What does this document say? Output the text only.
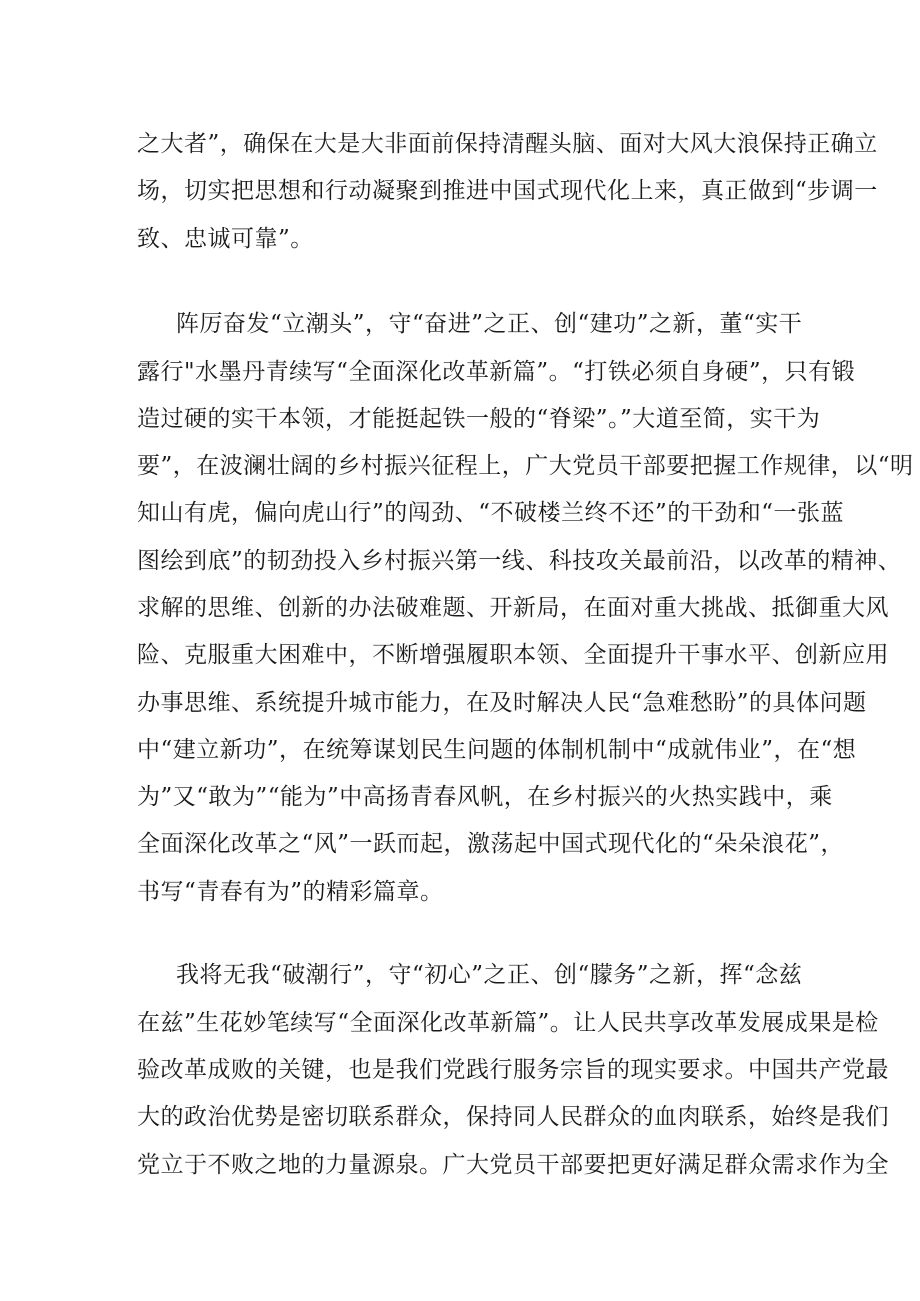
之大者”，确保在大是大非面前保持清醒头脑、面对大风大浪保持正确立
场，切实把思想和行动凝聚到推进中国式现代化上来，真正做到“步调一
致、忠诚可靠”。
阵厉奋发“立潮头”，守“奋进”之正、创“建功”之新，董“实干
露行"水墨丹青续写“全面深化改革新篇”。“打铁必须自身硬”，只有锻
造过硬的实干本领，才能挺起铁一般的“脊梁”。”大道至简，实干为
要”，在波澜壮阔的乡村振兴征程上，广大党员干部要把握工作规律，以“明
知山有虎，偏向虎山行”的闯劲、“不破楼兰终不还”的干劲和“一张蓝
图绘到底”的韧劲投入乡村振兴第一线、科技攻关最前沿，以改革的精神、
求解的思维、创新的办法破难题、开新局，在面对重大挑战、抵御重大风
险、克服重大困难中，不断增强履职本领、全面提升干事水平、创新应用
办事思维、系统提升城市能力，在及时解决人民“急难愁盼”的具体问题
中“建立新功”，在统筹谋划民生问题的体制机制中“成就伟业”，在“想
为”又“敢为”“能为”中高扬青春风帆，在乡村振兴的火热实践中，乘
全面深化改革之“风”一跃而起，激荡起中国式现代化的“朵朵浪花”，
书写“青春有为”的精彩篇章。
我将无我“破潮行”，守“初心”之正、创“朦务”之新，挥“念兹
在兹”生花妙笔续写“全面深化改革新篇”。让人民共享改革发展成果是检
验改革成败的关键，也是我们党践行服务宗旨的现实要求。中国共产党最
大的政治优势是密切联系群众，保持同人民群众的血肉联系，始终是我们
党立于不败之地的力量源泉。广大党员干部要把更好满足群众需求作为全
